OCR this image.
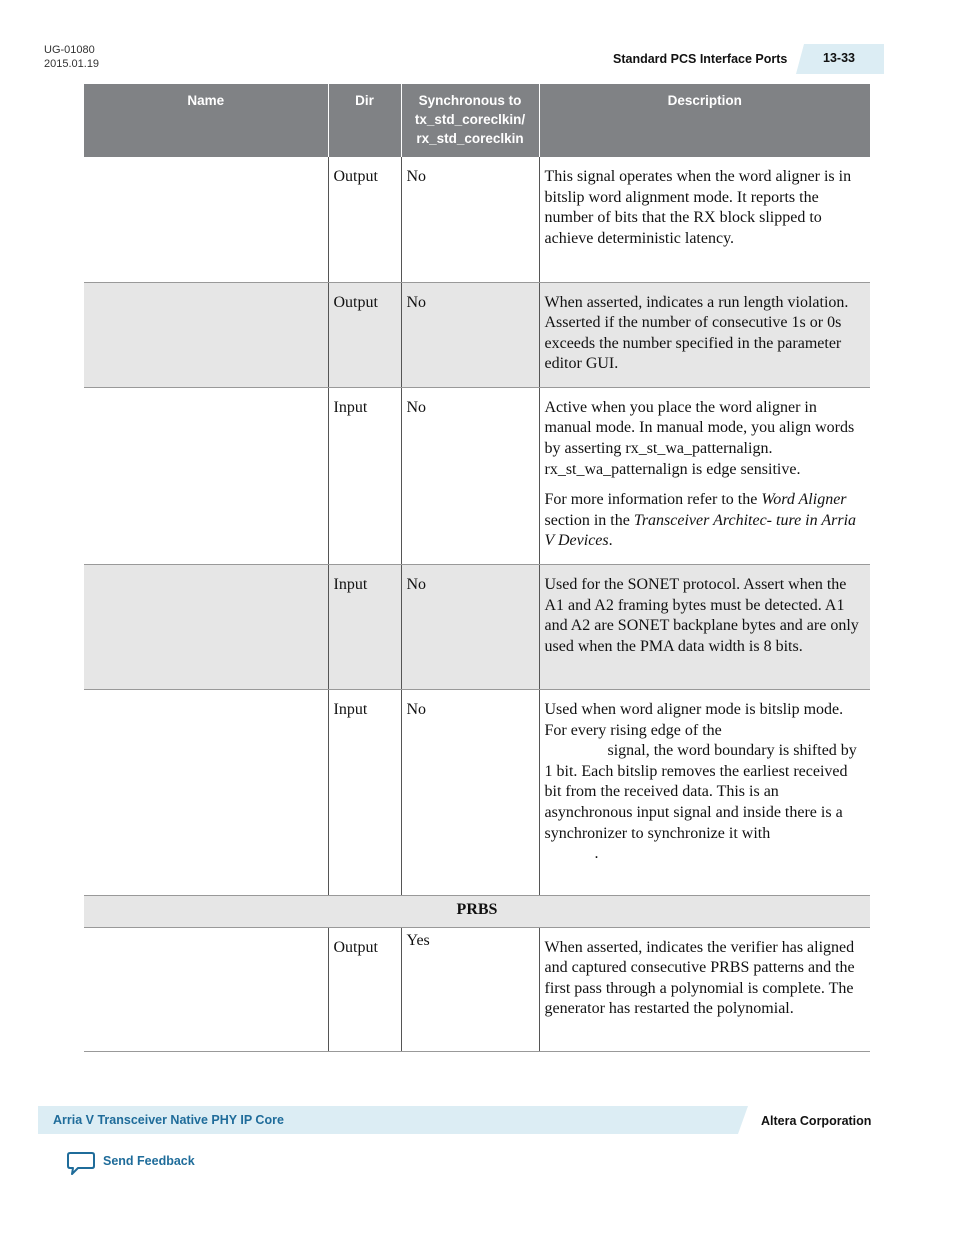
UG-01080
2015.01.19	Standard PCS Interface Ports	13-33
Name	Dir	Synchronous to tx_std_coreclkin/ rx_std_coreclkin	Description
	Output	No	This signal operates when the word aligner is in bitslip word alignment mode. It reports the number of bits that the RX block slipped to achieve deterministic latency.

	Output	No	When asserted, indicates a run length violation. Asserted if the number of consecutive 1s or 0s exceeds the number specified in the parameter editor GUI.

	Input	No	Active when you place the word aligner in manual mode. In manual mode, you align words by asserting rx_st_wa_patternalign. rx_st_wa_patternalign is edge sensitive.

For more information refer to the Word Aligner section in the Transceiver Architec- ture in Arria V Devices.

	Input	No	Used for the SONET protocol. Assert when the A1 and A2 framing bytes must be detected. A1 and A2 are SONET backplane bytes and are only used when the PMA data width is 8 bits.

	Input	No	Used when word aligner mode is bitslip mode. For every rising edge of the
signal, the word boundary is shifted by 1 bit. Each bitslip removes the earliest received bit from the received data. This is an asynchronous input signal and inside there is a synchronizer to synchronize it with
.

PRBS			
	Output	Yes	When asserted, indicates the verifier has aligned and captured consecutive PRBS patterns and the first pass through a polynomial is complete. The generator has restarted the polynomial.

Arria V Transceiver Native PHY IP Core	Altera Corporation
Send Feedback
